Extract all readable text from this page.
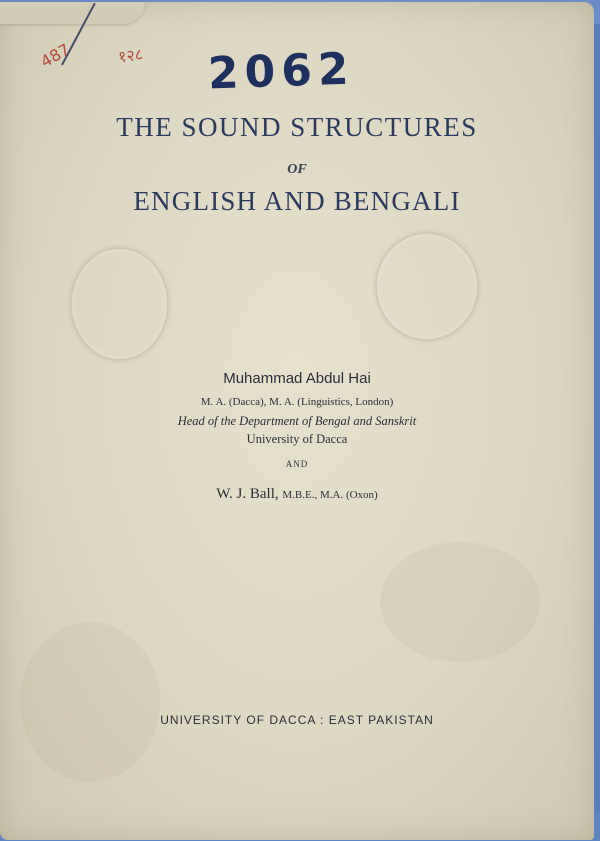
487	१२८ 2062
THE SOUND STRUCTURES
OF
ENGLISH AND BENGALI
Muhammad Abdul Hai
M. A. (Dacca), M. A. (Linguistics, London)
Head of the Department of Bengal and Sanskrit
University of Dacca
AND
W. J. Ball, M.B.E., M.A. (Oxon)
UNIVERSITY OF DACCA : EAST PAKISTAN
